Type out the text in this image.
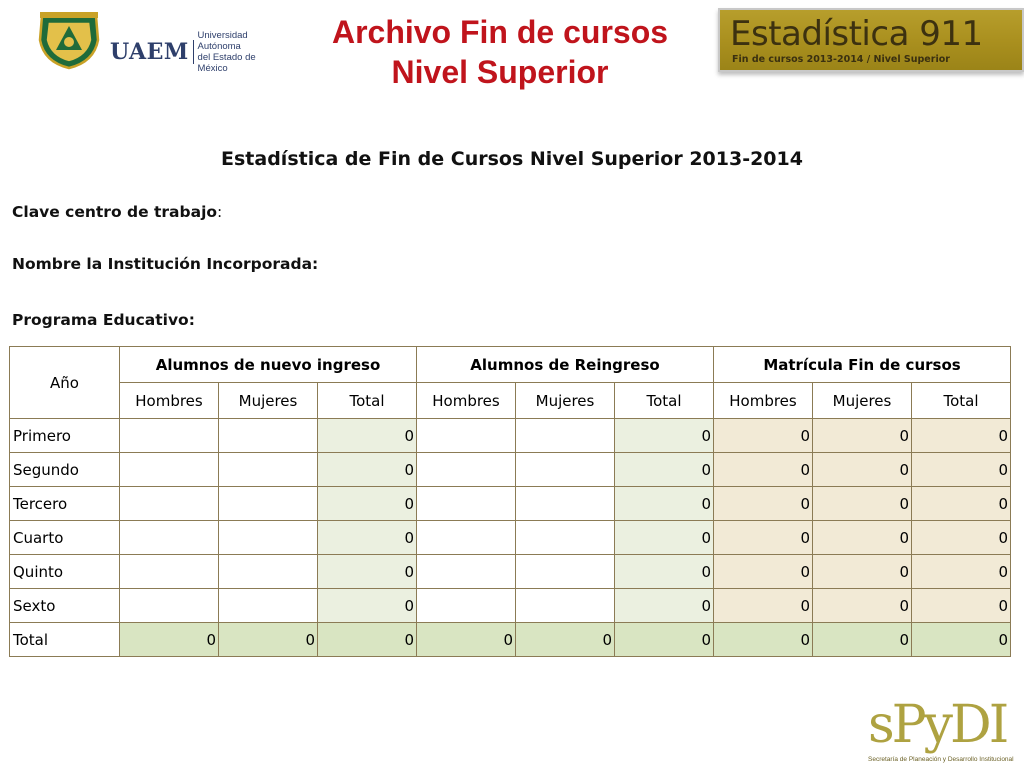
UAEM
Universidad Autónoma
del Estado de México
Archivo Fin de cursos
Nivel Superior
Estadística 911
Fin de cursos 2013-2014 / Nivel Superior
Estadística de Fin de Cursos Nivel Superior 2013-2014
Clave centro de trabajo:
Nombre la Institución Incorporada:
Programa Educativo:
Año	Alumnos de nuevo ingreso			Alumnos de Reingreso			Matrícula Fin de cursos		
	Hombres	Mujeres	Total	Hombres	Mujeres	Total	Hombres	Mujeres	Total
Primero			0			0	0	0	0
Segundo			0			0	0	0	0
Tercero			0			0	0	0	0
Cuarto			0			0	0	0	0
Quinto			0			0	0	0	0
Sexto			0			0	0	0	0
Total	0	0	0	0	0	0	0	0	0
sPyDI
Secretaría de Planeación y Desarrollo Institucional
